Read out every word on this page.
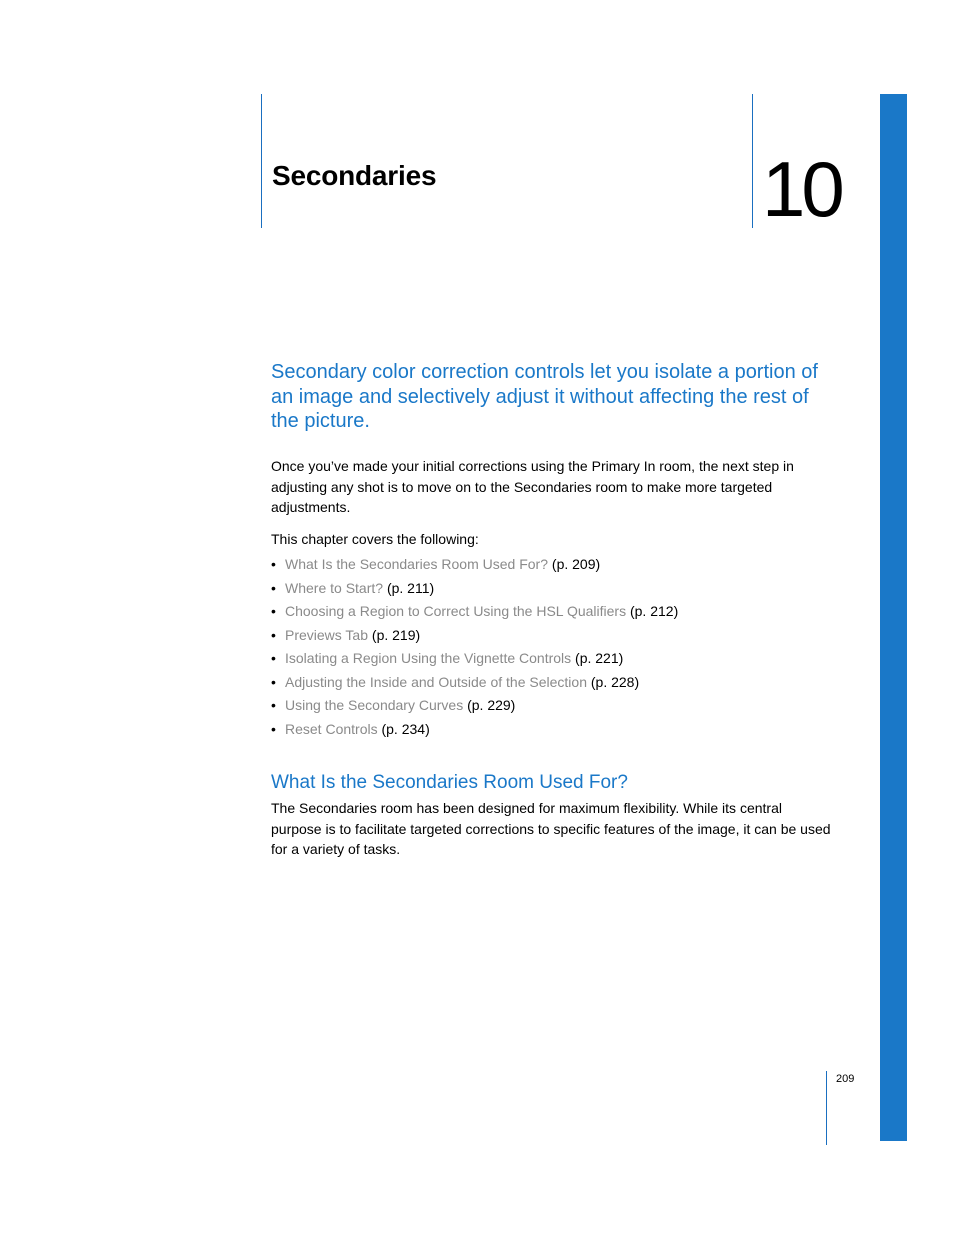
Secondaries	10

Secondary color correction controls let you isolate a portion of an image and selectively adjust it without affecting the rest of the picture.

Once you’ve made your initial corrections using the Primary In room, the next step in adjusting any shot is to move on to the Secondaries room to make more targeted adjustments.

This chapter covers the following:

• What Is the Secondaries Room Used For? (p. 209)
• Where to Start? (p. 211)
• Choosing a Region to Correct Using the HSL Qualifiers (p. 212)
• Previews Tab (p. 219)
• Isolating a Region Using the Vignette Controls (p. 221)
• Adjusting the Inside and Outside of the Selection (p. 228)
• Using the Secondary Curves (p. 229)
• Reset Controls (p. 234)
What Is the Secondaries Room Used For?

The Secondaries room has been designed for maximum flexibility. While its central purpose is to facilitate targeted corrections to specific features of the image, it can be used for a variety of tasks.

209
